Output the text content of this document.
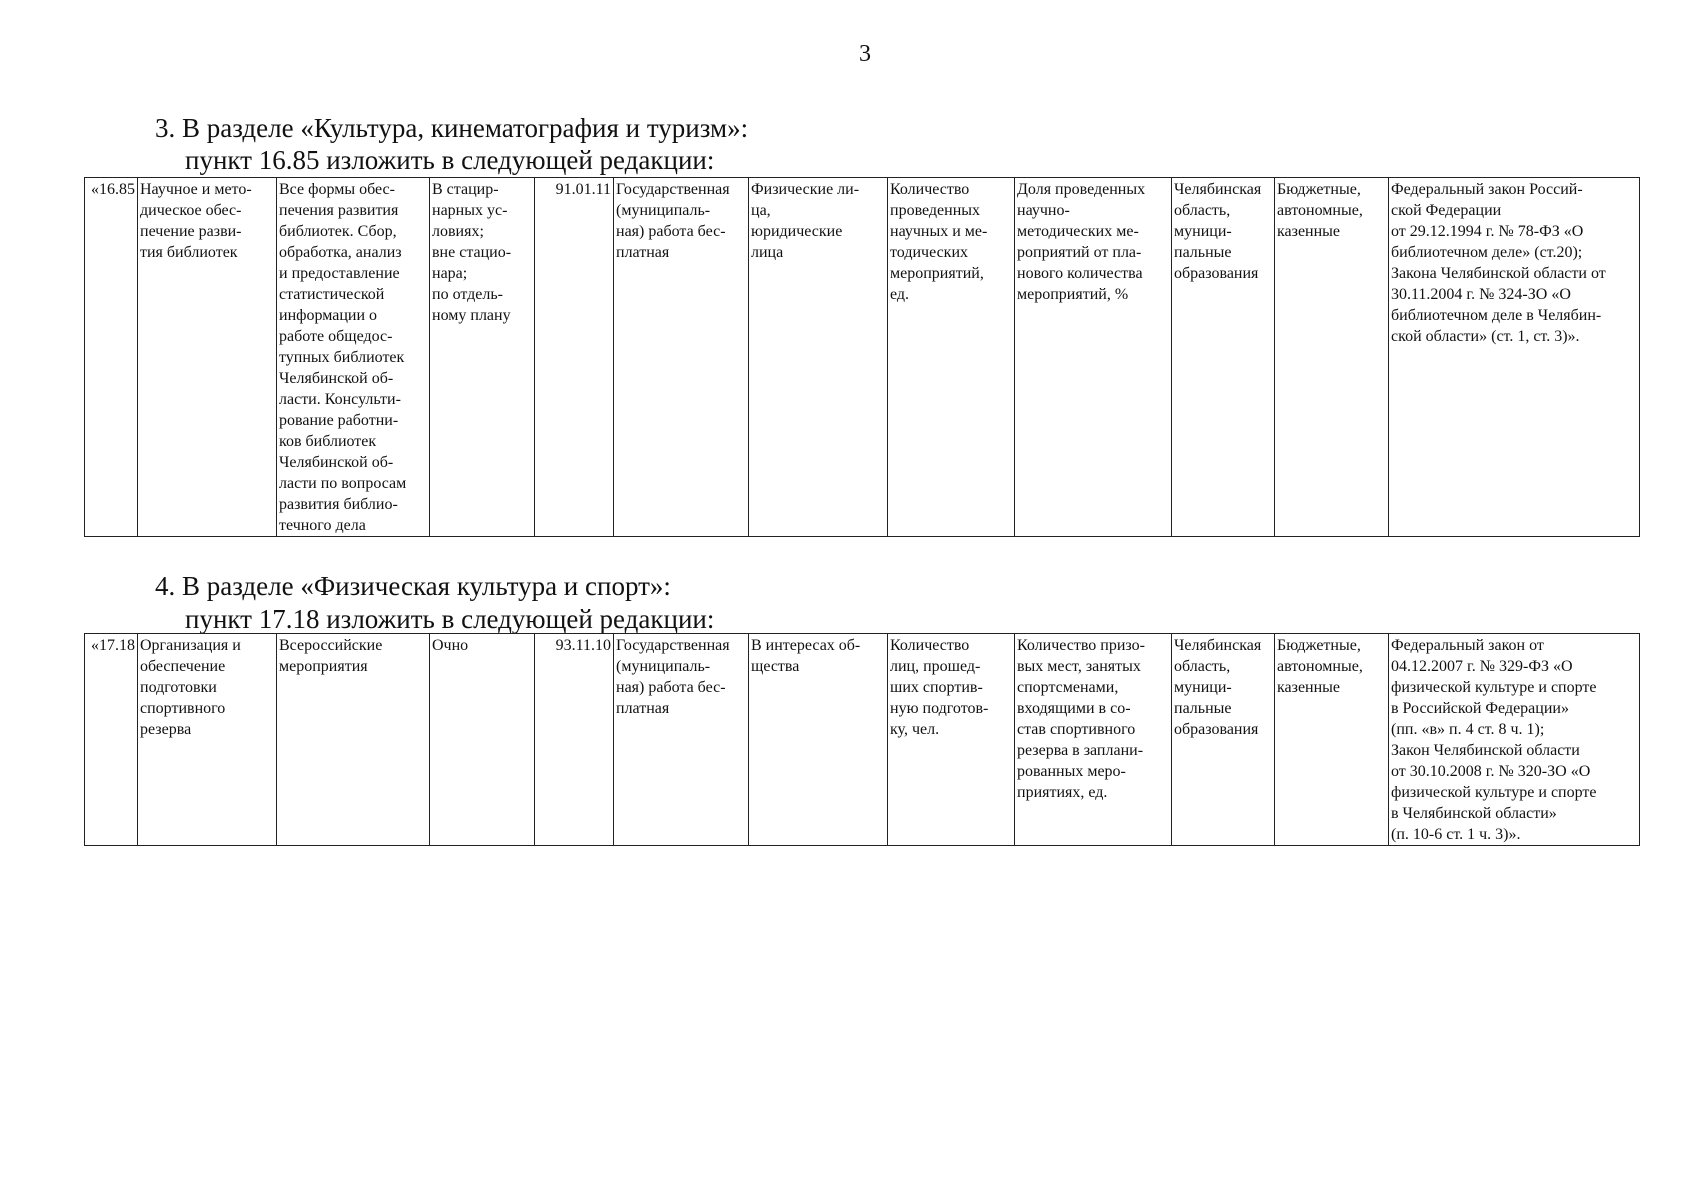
3
3. В разделе «Культура, кинематография и туризм»:
пункт 16.85 изложить в следующей редакции:
«16.85	Научное и мето-
дическое обес-
печение разви-
тия библиотек	Все формы обес-
печения развития
библиотек. Сбор,
обработка, анализ
и предоставление
статистической
информации о
работе общедос-
тупных библиотек
Челябинской об-
ласти. Консульти-
рование работни-
ков библиотек
Челябинской об-
ласти по вопросам
развития библио-
течного дела	В стацир-
нарных ус-
ловиях;
вне стацио-
нара;
по отдель-
ному плану	91.01.11	Государственная
(муниципаль-
ная) работа бес-
платная	Физические ли-
ца,
юридические
лица	Количество
проведенных
научных и ме-
тодических
мероприятий,
ед.	Доля проведенных
научно-
методических ме-
роприятий от пла-
нового количества
мероприятий, %	Челябинская
область,
муници-
пальные
образования	Бюджетные,
автономные,
казенные	Федеральный закон Россий-
ской Федерации
от 29.12.1994 г. № 78-ФЗ «О
библиотечном деле» (ст.20);
Закона Челябинской области от
30.11.2004 г. № 324-ЗО «О
библиотечном деле в Челябин-
ской области» (ст. 1, ст. 3)».
4. В разделе «Физическая культура и спорт»:
пункт 17.18 изложить в следующей редакции:
«17.18	Организация и
обеспечение
подготовки
спортивного
резерва	Всероссийские
мероприятия	Очно	93.11.10	Государственная
(муниципаль-
ная) работа бес-
платная	В интересах об-
щества	Количество
лиц, прошед-
ших спортив-
ную подготов-
ку, чел.	Количество призо-
вых мест, занятых
спортсменами,
входящими в со-
став спортивного
резерва в заплани-
рованных меро-
приятиях, ед.	Челябинская
область,
муници-
пальные
образования	Бюджетные,
автономные,
казенные	Федеральный закон от
04.12.2007 г. № 329-ФЗ «О
физической культуре и спорте
в Российской Федерации»
(пп. «в» п. 4 ст. 8 ч. 1);
Закон Челябинской области
от 30.10.2008 г. № 320-ЗО «О
физической культуре и спорте
в Челябинской области»
(п. 10-6 ст. 1 ч. 3)».
